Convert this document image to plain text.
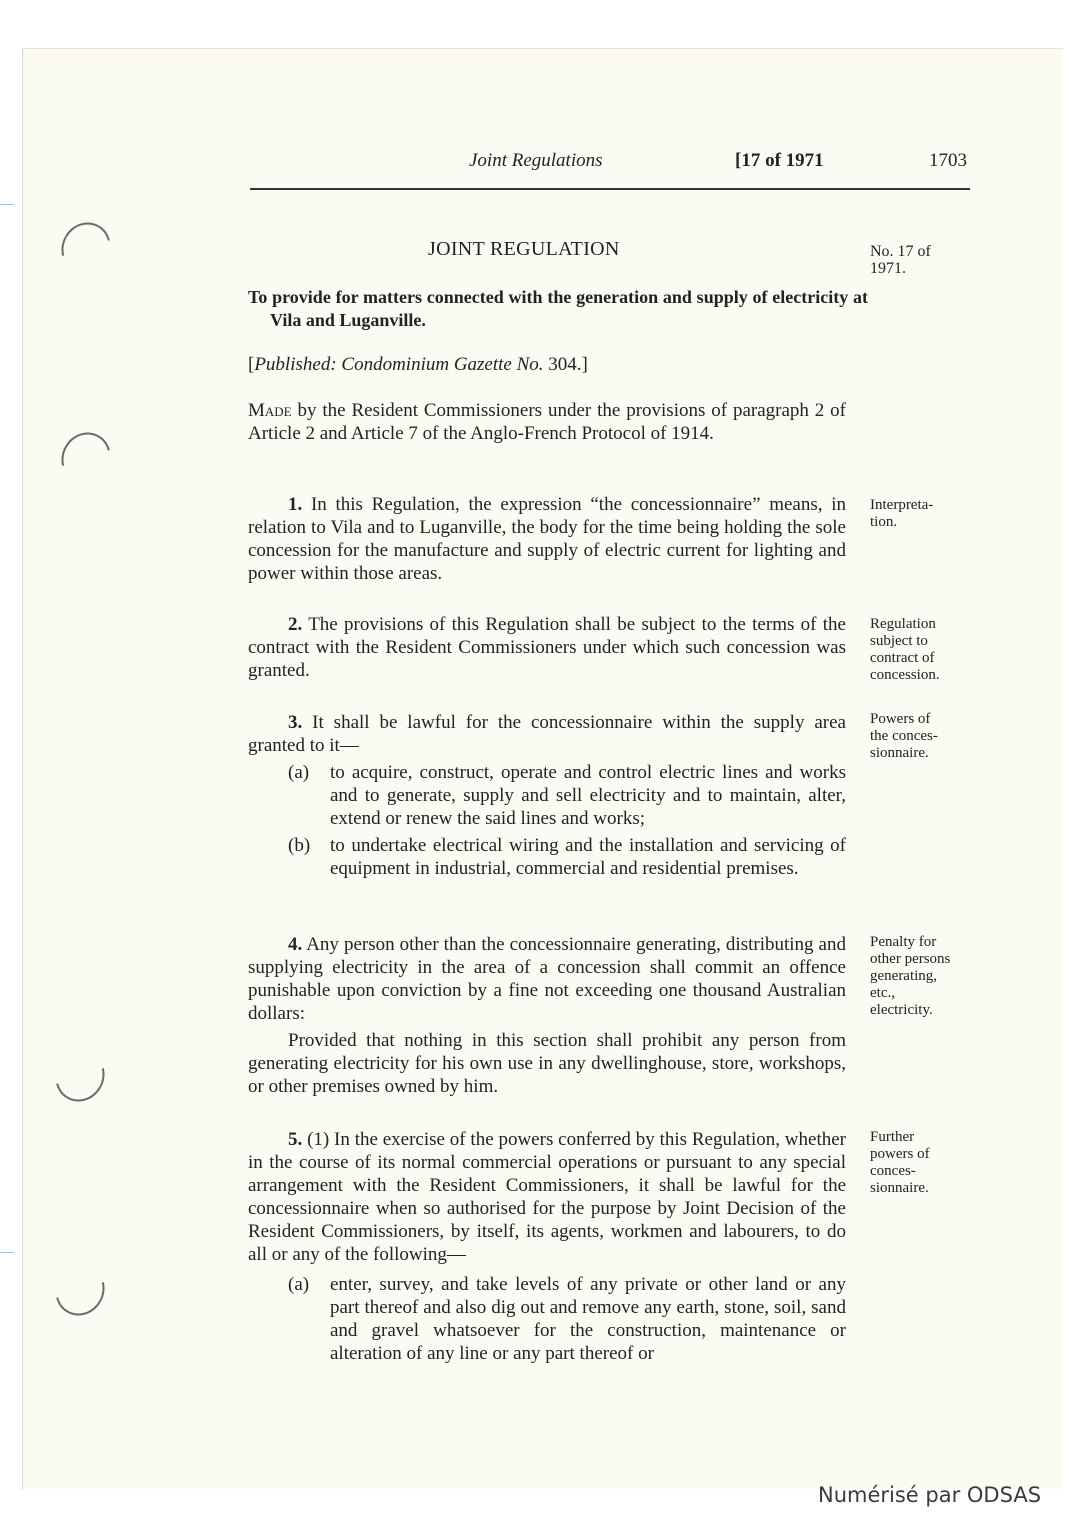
Joint Regulations	[17 of 1971	1703
JOINT REGULATION	No. 17 of
1971.
To provide for matters connected with the generation and supply of electricity at Vila and Luganville.
[Published: Condominium Gazette No. 304.]
Made by the Resident Commissioners under the provisions of paragraph 2 of Article 2 and Article 7 of the Anglo-French Protocol of 1914.

1. In this Regulation, the expression “the concessionnaire” means, in relation to Vila and to Luganville, the body for the time being holding the sole concession for the manufacture and supply of electric current for lighting and power within those areas.

Interpreta-
tion.

2. The provisions of this Regulation shall be subject to the terms of the contract with the Resident Commissioners under which such concession was granted.

Regulation
subject to
contract of
concession.

3. It shall be lawful for the concessionnaire within the supply area granted to it—

(a) to acquire, construct, operate and control electric lines and works and to generate, supply and sell electricity and to maintain, alter, extend or renew the said lines and works;
(b) to undertake electrical wiring and the installation and servicing of equipment in industrial, commercial and residential premises.
Powers of
the conces-
sionnaire.

4. Any person other than the concessionnaire generating, distributing and supplying electricity in the area of a concession shall commit an offence punishable upon conviction by a fine not exceeding one thousand Australian dollars:

Provided that nothing in this section shall prohibit any person from generating electricity for his own use in any dwellinghouse, store, workshops, or other premises owned by him.

Penalty for
other persons
generating,
etc.,
electricity.

5. (1) In the exercise of the powers conferred by this Regulation, whether in the course of its normal commercial operations or pursuant to any special arrangement with the Resident Commissioners, it shall be lawful for the concessionnaire when so authorised for the purpose by Joint Decision of the Resident Commissioners, by itself, its agents, workmen and labourers, to do all or any of the following—

(a) enter, survey, and take levels of any private or other land or any part thereof and also dig out and remove any earth, stone, soil, sand and gravel whatsoever for the construction, maintenance or alteration of any line or any part thereof or
Further
powers of
conces-
sionnaire.
Numérisé par ODSAS
